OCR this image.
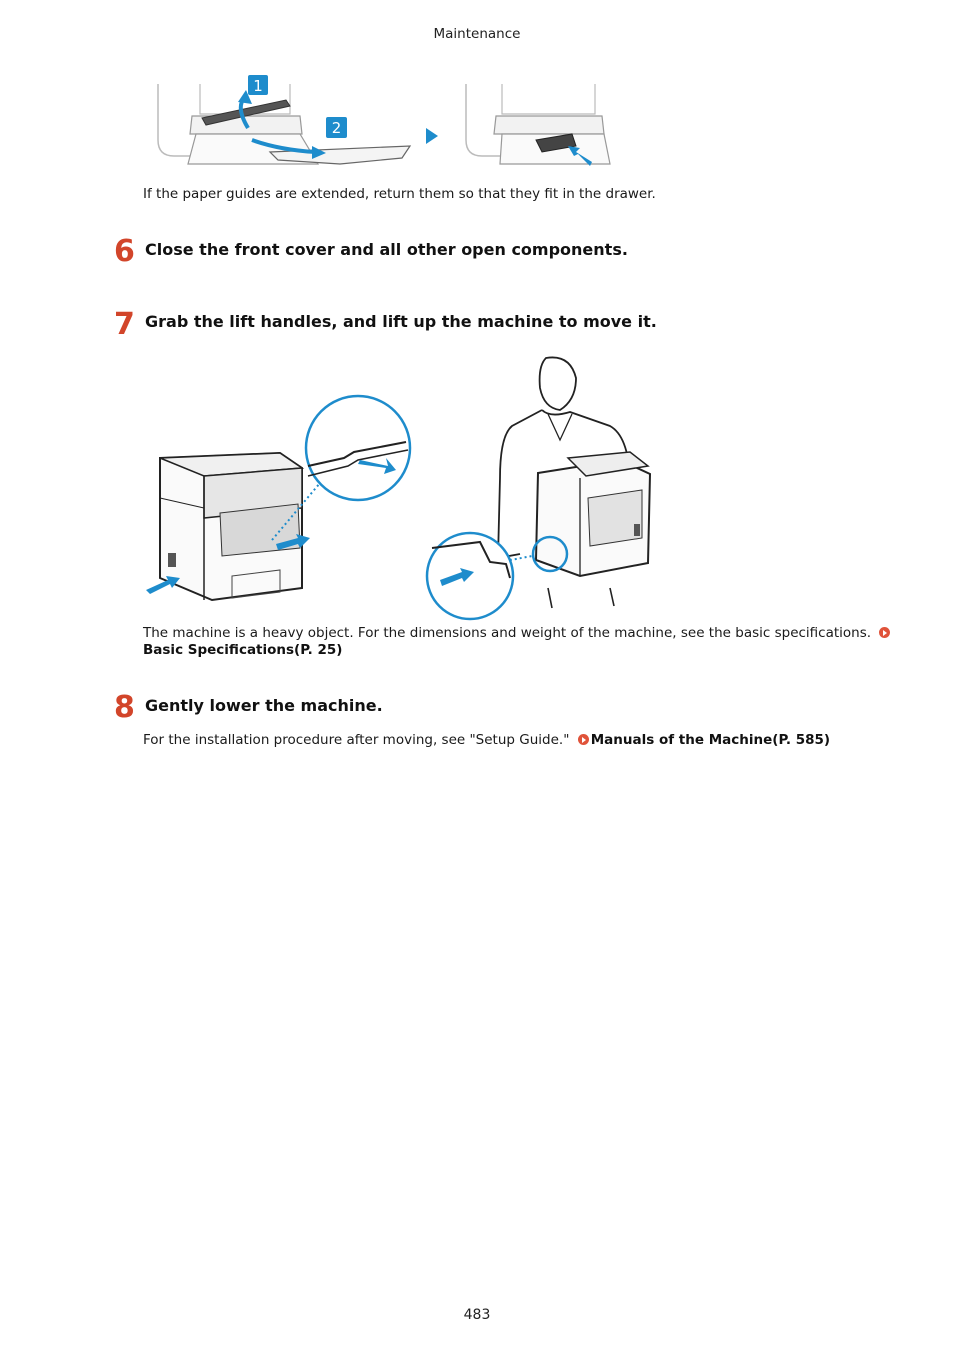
Maintenance
1
2
If the paper guides are extended, return them so that they fit in the drawer.
6 Close the front cover and all other open components.
7 Grab the lift handles, and lift up the machine to move it.
The machine is a heavy object. For the dimensions and weight of the machine, see the basic specifications.
Basic Specifications(P. 25)
8 Gently lower the machine.
For the installation procedure after moving, see "Setup Guide." Manuals of the Machine(P. 585)
483
